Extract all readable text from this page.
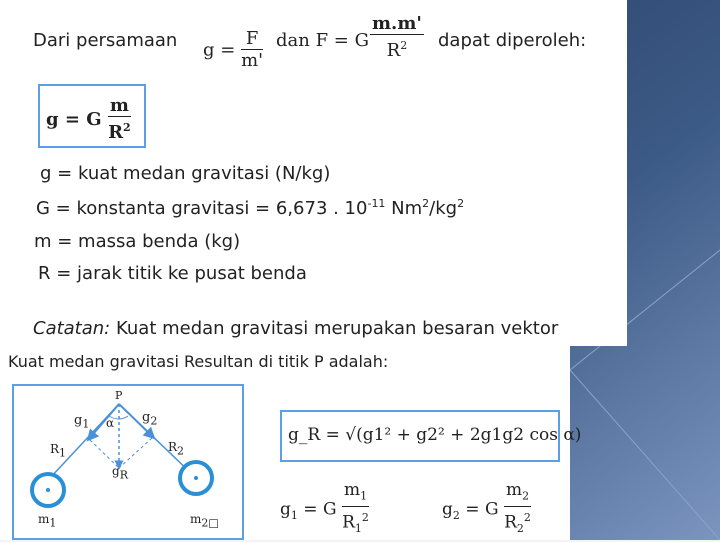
Dari persamaan $g = \frac{F}{m'}$ dan F = G $\frac{m.m'}{R^2}$ dapat diperoleh:
g = G $\frac{m}{R^2}$
g = kuat medan gravitasi (N/kg)
G = konstanta gravitasi = 6,673 . $10^{-11}$ $Nm^2/kg^2$
m = massa benda (kg)
R = jarak titik ke pusat benda
Catatan: Kuat medan gravitasi merupakan besaran vektor
Kuat medan gravitasi Resultan di titik P adalah:
P
α
$g_1$	$g_2$
$R_1$	$R_2$
$g_R$
$m_1$	$m_{2□}$
g_R = √(g1² + g2² + 2g1g2 cos α)
$g_1 = G \frac{m_1}{R_1^2}$	$g_2 = G \frac{m_2}{R_2^2}$
